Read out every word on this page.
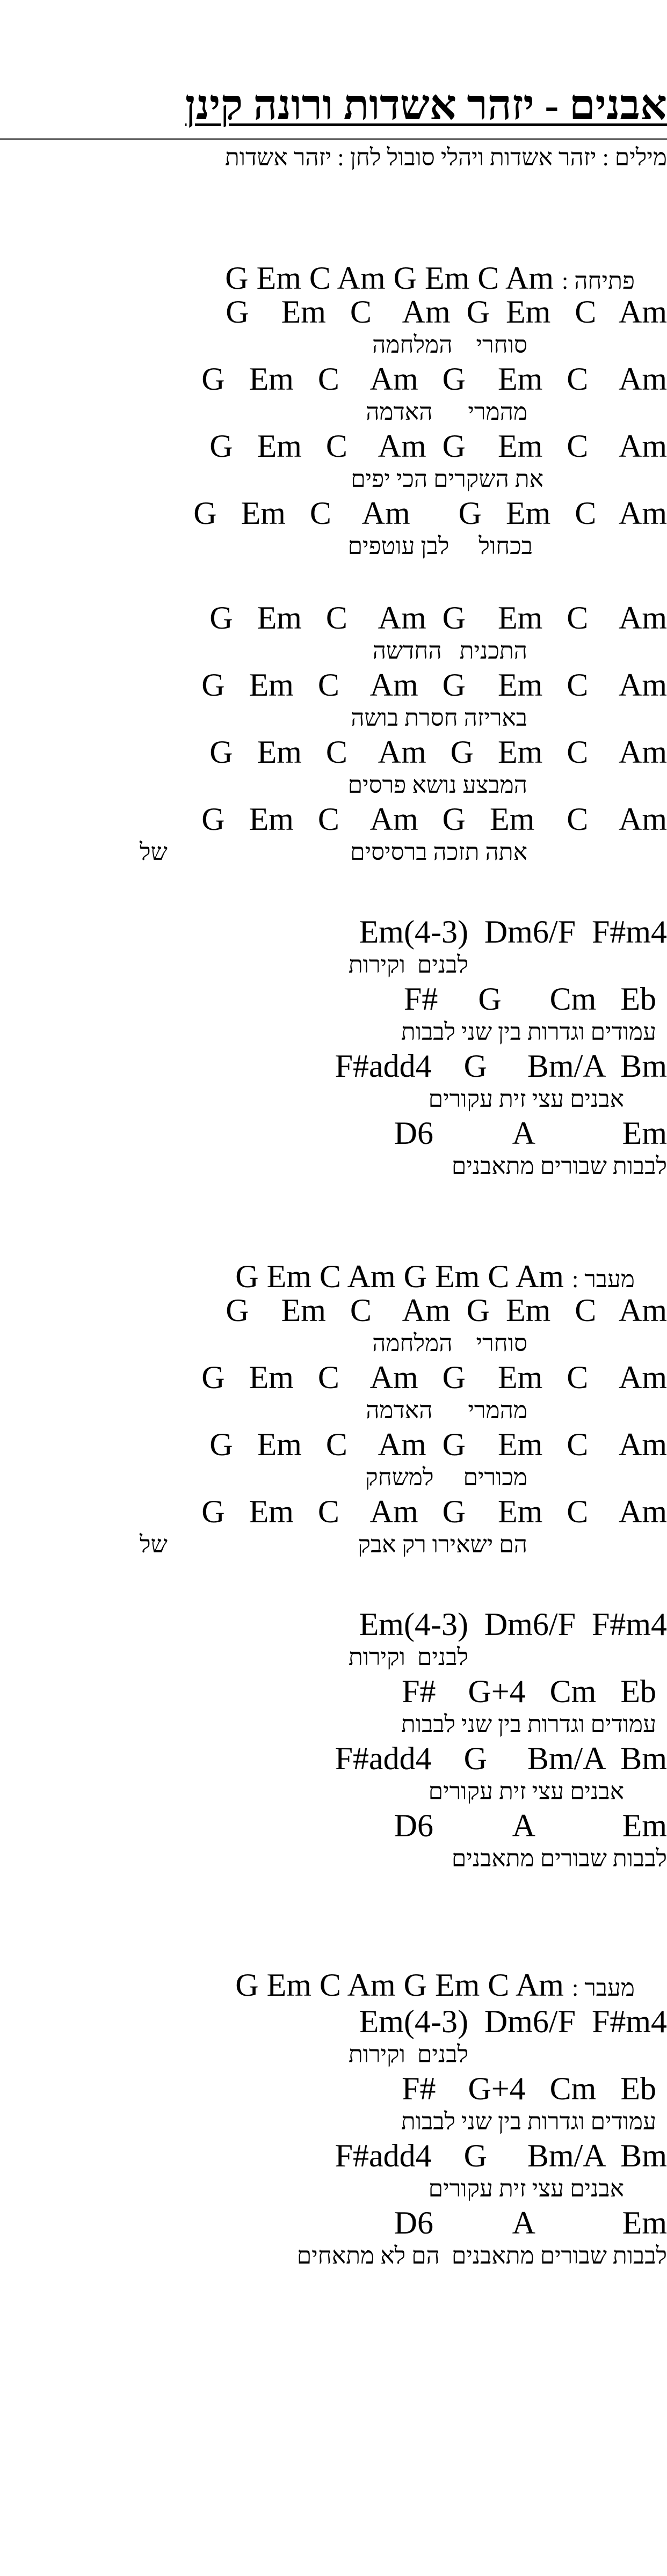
אבנים - יזהר אשדות ורונה קינן
מילים : יזהר אשדות ויהלי סובול לחן : יזהר אשדות

פתיחה : G Em C Am G Em C Am

G    Em   C    Am  G  Em   C   Am
סוחרי    המלחמה
G   Em   C    Am   G    Em   C    Am
מהמרי      האדמה
G   Em   C    Am  G    Em   C    Am
את השקרים הכי יפים
G   Em   C    Am      G   Em   C   Am
בכחול     לבן עוטפים
G   Em   C    Am  G    Em   C    Am
התכנית   החדשה
G   Em   C    Am   G    Em   C    Am
באריזה חסרת בושה
G   Em   C    Am   G   Em   C    Am
המבצע נושא פרסים
G   Em   C    Am   G   Em    C    Am
אתה תזכה ברסיסים
של
Em(4-3)  Dm6/F  F#m4
לבנים  וקירות
F#     G      Cm   Eb
עמודים וגדרות בין שני לבבות
F#add4    G     Bm/A  Bm
אבנים עצי זית עקורים
D6          A           Em
לבבות שבורים מתאבנים

מעבר : G Em C Am G Em C Am

G    Em   C    Am  G  Em   C   Am
סוחרי    המלחמה
G   Em   C    Am   G    Em   C    Am
מהמרי      האדמה
G   Em   C    Am  G    Em   C    Am
מכורים     למשחק
G   Em   C    Am   G    Em   C    Am
הם ישאירו רק אבק
של
Em(4-3)  Dm6/F  F#m4
לבנים  וקירות
F#    G+4   Cm   Eb
עמודים וגדרות בין שני לבבות
F#add4    G     Bm/A  Bm
אבנים עצי זית עקורים
D6          A           Em
לבבות שבורים מתאבנים

מעבר : G Em C Am G Em C Am

Em(4-3)  Dm6/F  F#m4
לבנים  וקירות
F#    G+4   Cm   Eb
עמודים וגדרות בין שני לבבות
F#add4    G     Bm/A  Bm
אבנים עצי זית עקורים
D6          A           Em
לבבות שבורים מתאבנים  הם לא מתאחים
